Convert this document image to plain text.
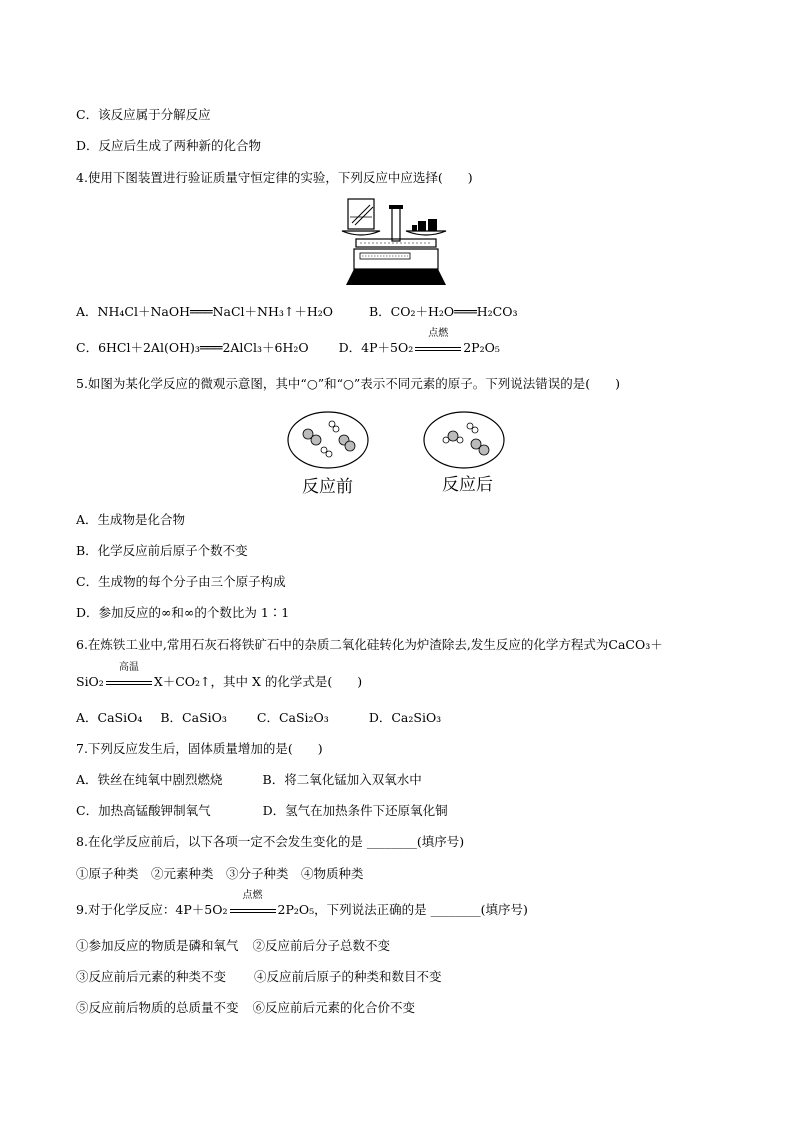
C．该反应属于分解反应
D．反应后生成了两种新的化合物
4.使用下图装置进行验证质量守恒定律的实验，下列反应中应选择(　　)
A．NH₄Cl＋NaOH═══NaCl＋NH₃↑＋H₂O	B．CO₂＋H₂O═══H₂CO₃
C．6HCl＋2Al(OH)₃═══2AlCl₃＋6H₂O D．4P＋5O₂
点燃
2P₂O₅
5.如图为某化学反应的微观示意图，其中“○”和“○”表示不同元素的原子。下列说法错误的是(　　)
反应前	反应后
A．生成物是化合物
B．化学反应前后原子个数不变
C．生成物的每个分子由三个原子构成
D．参加反应的∞和∞的个数比为 1∶1
6.在炼铁工业中,常用石灰石将铁矿石中的杂质二氧化硅转化为炉渣除去,发生反应的化学方程式为CaCO₃＋
SiO₂
高温
X＋CO₂↑，其中 X 的化学式是(　　)
A．CaSiO₄ B．CaSiO₃ C．CaSi₂O₃	D．Ca₂SiO₃
7.下列反应发生后，固体质量增加的是(　　)
A．铁丝在纯氧中剧烈燃烧	B．将二氧化锰加入双氧水中
C．加热高锰酸钾制氧气	D．氢气在加热条件下还原氧化铜
8.在化学反应前后，以下各项一定不会发生变化的是 ________(填序号)
①原子种类　②元素种类　③分子种类　④物质种类
9.对于化学反应：4P＋5O₂
点燃
2P₂O₅，下列说法正确的是 ________(填序号)
①参加反应的物质是磷和氧气 ②反应前后分子总数不变
③反应前后元素的种类不变 ④反应前后原子的种类和数目不变
⑤反应前后物质的总质量不变 ⑥反应前后元素的化合价不变
